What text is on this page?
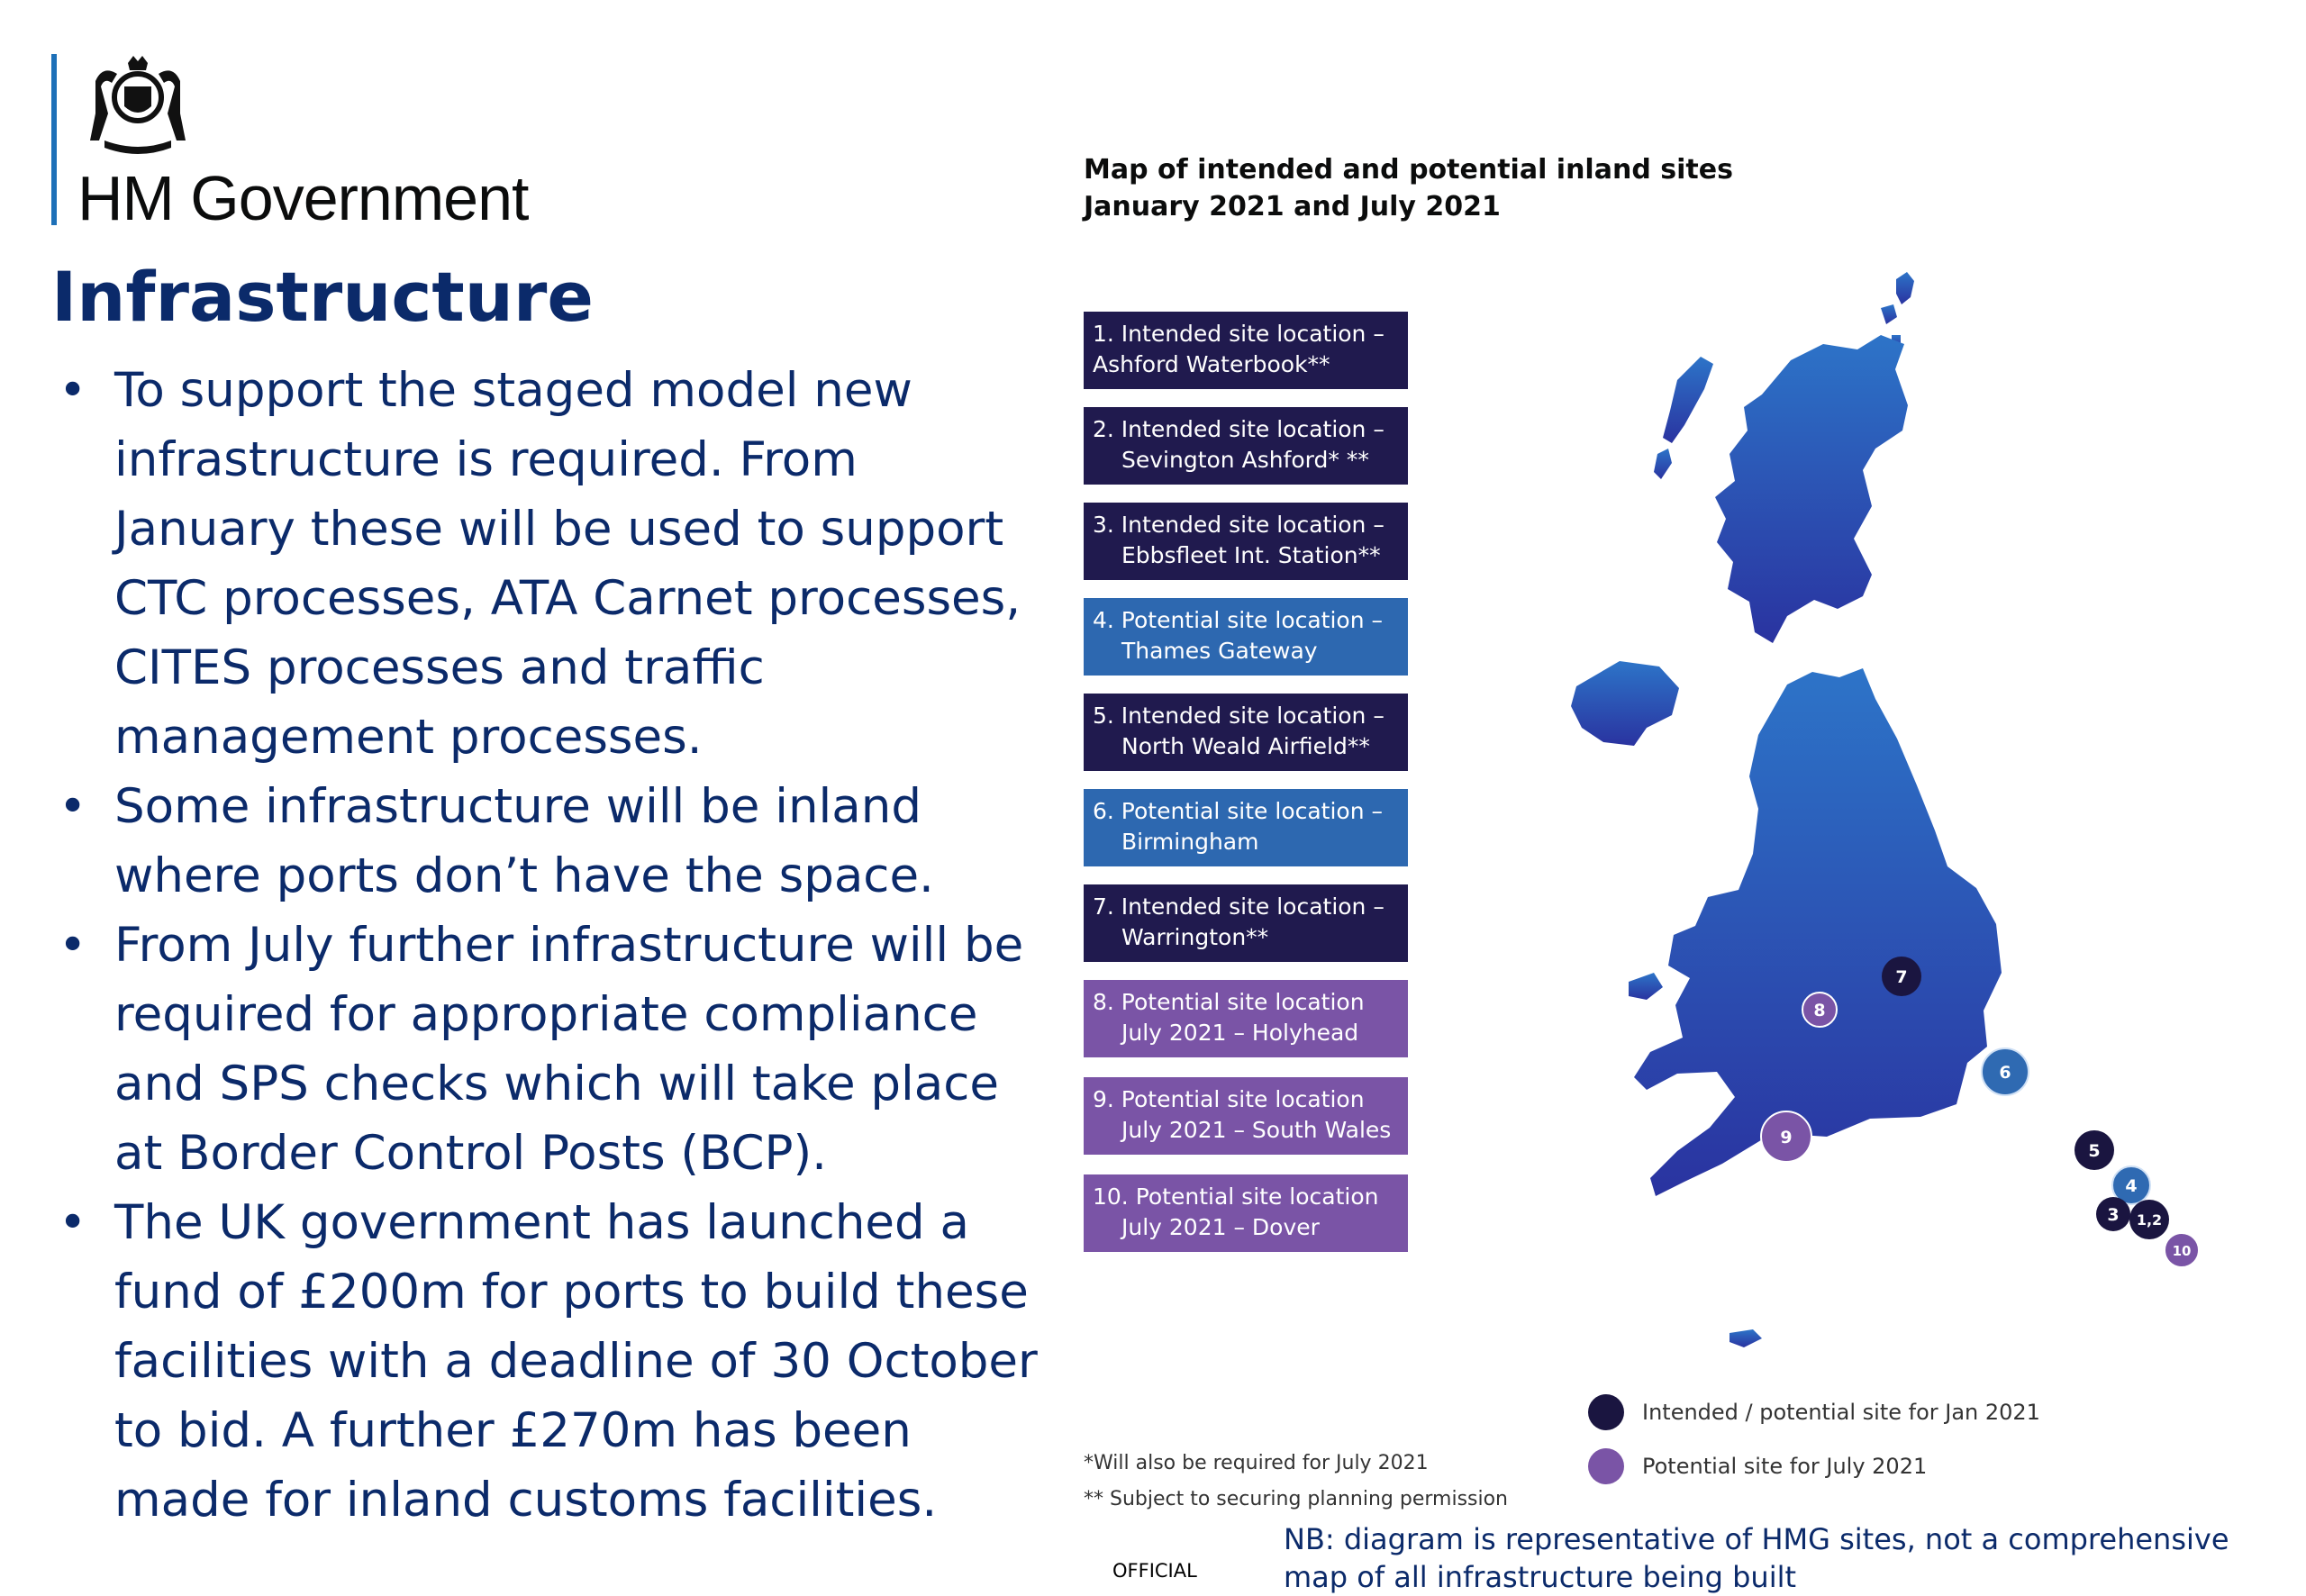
HM Government
Infrastructure
• To support the staged model new infrastructure is required. From January these will be used to support CTC processes, ATA Carnet processes, CITES processes and traffic management processes.
• Some infrastructure will be inland where ports don’t have the space.
• From July further infrastructure will be required for appropriate compliance and SPS checks which will take place at Border Control Posts (BCP).
• The UK government has launched a fund of £200m for ports to build these facilities with a deadline of 30 October to bid. A further £270m has been made for inland customs facilities.
Map of intended and potential inland sites
January 2021 and July 2021
1. Intended site location –
Ashford Waterbook**
2. Intended site location –
Sevington Ashford* **
3. Intended site location –
Ebbsfleet Int. Station**
4. Potential site location –
Thames Gateway
5. Intended site location –
North Weald Airfield**
6. Potential site location –
Birmingham
7. Intended site location –
Warrington**
8. Potential site location
July 2021 – Holyhead
9. Potential site location
July 2021 – South Wales
10. Potential site location
July 2021 – Dover
7
8
6
9
5
4
3 1,2
10
Intended / potential site for Jan 2021
Potential site for July 2021
*Will also be required for July 2021
** Subject to securing planning permission
OFFICIAL
NB: diagram is representative of HMG sites, not a comprehensive map of all infrastructure being built
